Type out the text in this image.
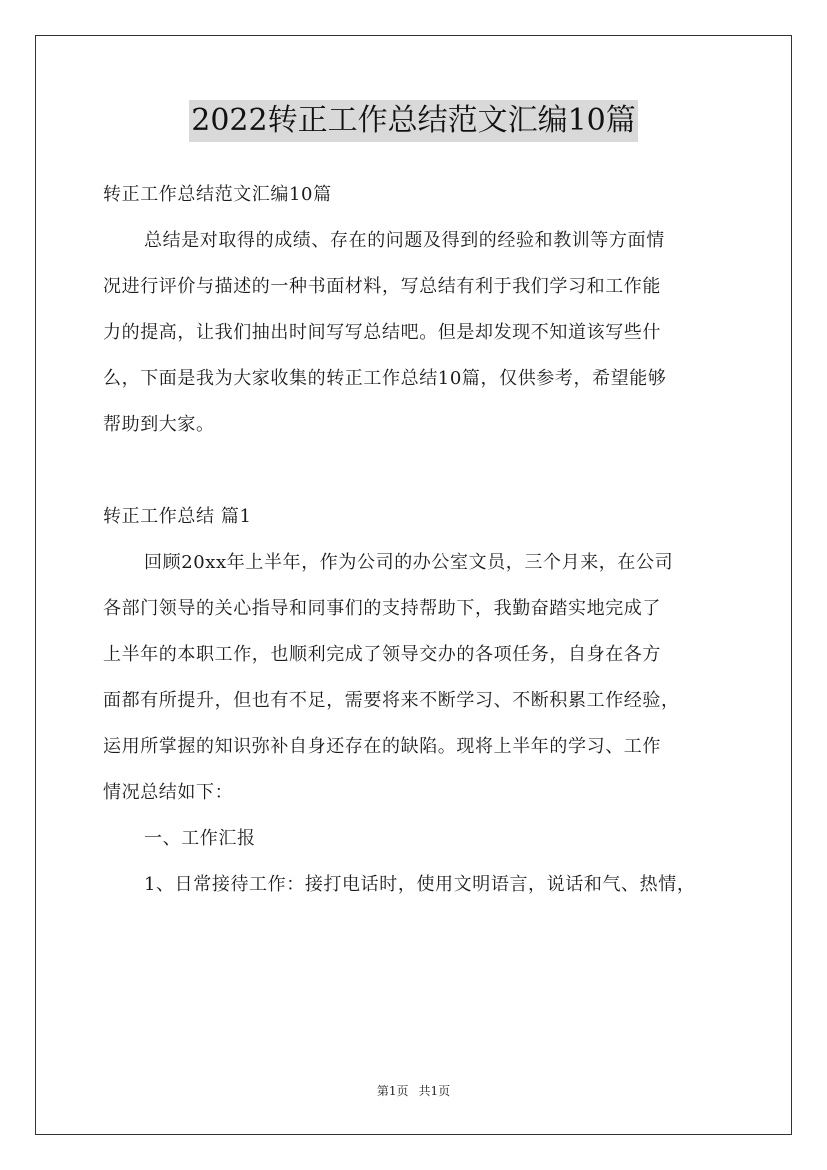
2022转正工作总结范文汇编10篇
转正工作总结范文汇编10篇
总结是对取得的成绩、存在的问题及得到的经验和教训等方面情
况进行评价与描述的一种书面材料，写总结有利于我们学习和工作能
力的提高，让我们抽出时间写写总结吧。但是却发现不知道该写些什
么，下面是我为大家收集的转正工作总结10篇，仅供参考，希望能够
帮助到大家。
转正工作总结 篇1
回顾20xx年上半年，作为公司的办公室文员，三个月来，在公司
各部门领导的关心指导和同事们的支持帮助下，我勤奋踏实地完成了
上半年的本职工作，也顺利完成了领导交办的各项任务，自身在各方
面都有所提升，但也有不足，需要将来不断学习、不断积累工作经验，
运用所掌握的知识弥补自身还存在的缺陷。现将上半年的学习、工作
情况总结如下：
一、工作汇报
1、日常接待工作：接打电话时，使用文明语言，说话和气、热情，
第1页 共1页
